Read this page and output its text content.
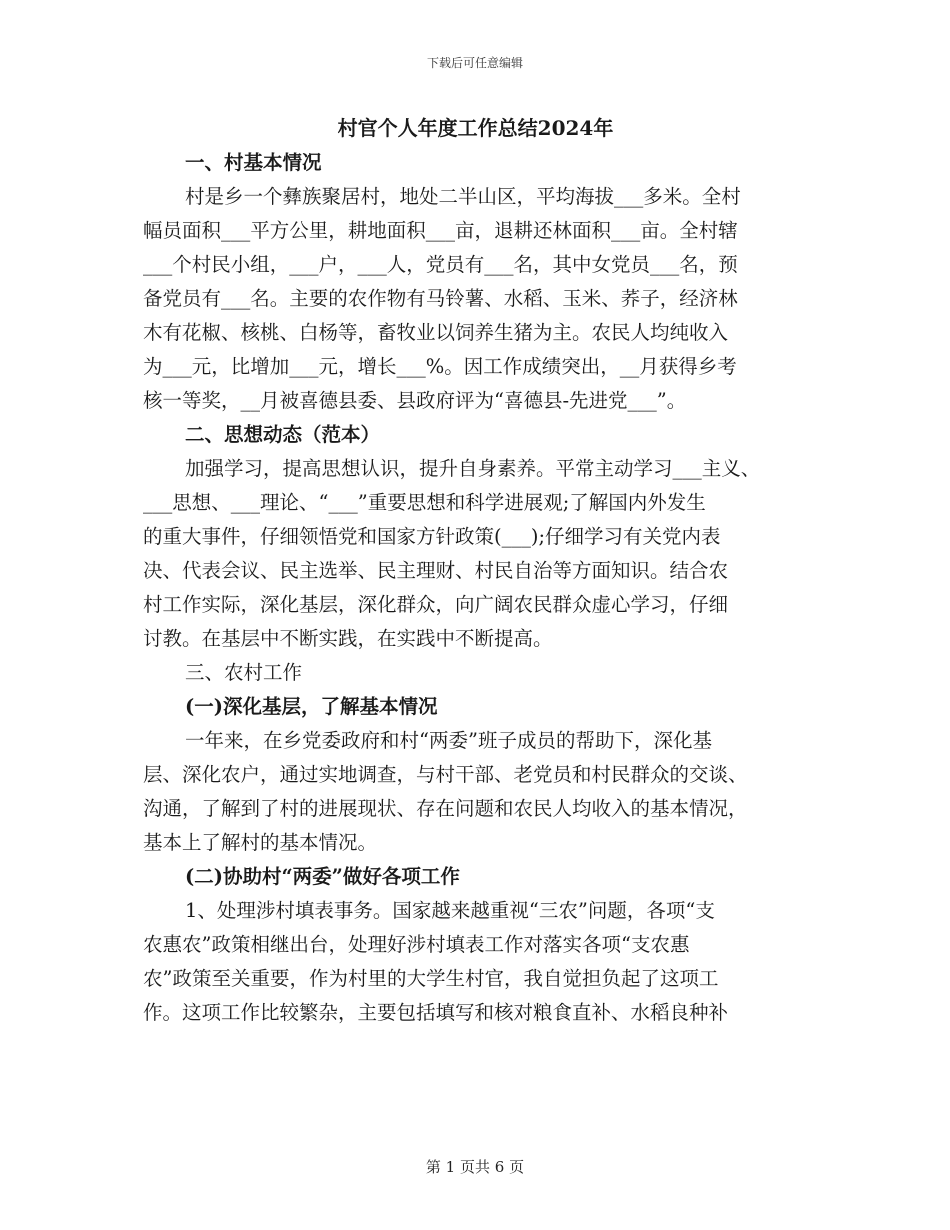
下载后可任意编辑
村官个人年度工作总结2024年
一、村基本情况
村是乡一个彝族聚居村，地处二半山区，平均海拔___多米。全村
幅员面积___平方公里，耕地面积___亩，退耕还林面积___亩。全村辖
___个村民小组，___户，___人，党员有___名，其中女党员___名，预
备党员有___名。主要的农作物有马铃薯、水稻、玉米、荞子，经济林
木有花椒、核桃、白杨等，畜牧业以饲养生猪为主。农民人均纯收入
为___元，比增加___元，增长___%。因工作成绩突出，__月获得乡考
核一等奖，__月被喜德县委、县政府评为“喜德县-先进党___”。
二、思想动态（范本）
加强学习，提高思想认识，提升自身素养。平常主动学习___主义、
___思想、___理论、“___”重要思想和科学进展观;了解国内外发生
的重大事件，仔细领悟党和国家方针政策(___);仔细学习有关党内表
决、代表会议、民主选举、民主理财、村民自治等方面知识。结合农
村工作实际，深化基层，深化群众，向广阔农民群众虚心学习，仔细
讨教。在基层中不断实践，在实践中不断提高。
三、农村工作
(一)深化基层，了解基本情况
一年来，在乡党委政府和村“两委”班子成员的帮助下，深化基
层、深化农户，通过实地调查，与村干部、老党员和村民群众的交谈、
沟通，了解到了村的进展现状、存在问题和农民人均收入的基本情况，
基本上了解村的基本情况。
(二)协助村“两委”做好各项工作
1、处理涉村填表事务。国家越来越重视“三农”问题，各项“支
农惠农”政策相继出台，处理好涉村填表工作对落实各项“支农惠
农”政策至关重要，作为村里的大学生村官，我自觉担负起了这项工
作。这项工作比较繁杂，主要包括填写和核对粮食直补、水稻良种补
第 1 页共 6 页
